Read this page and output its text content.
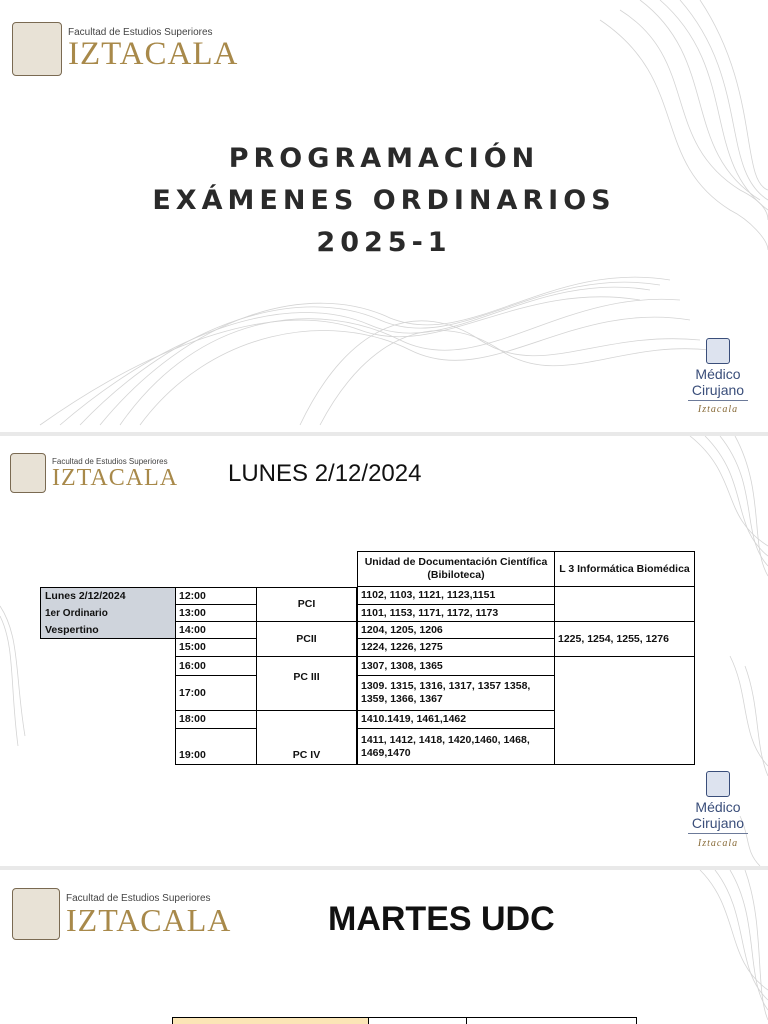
Facultad de Estudios Superiores
IZTACALA
PROGRAMACIÓN
EXÁMENES ORDINARIOS
2025-1
Médico
Cirujano
Iztacala
Facultad de Estudios Superiores
IZTACALA LUNES 2/12/2024
Unidad de Documentación Científica (Bibiloteca)
L 3 Informática Biomédica
Lunes 2/12/2024
1er Ordinario
Vespertino
12:00
13:00
14:00
15:00
16:00
17:00
18:00
19:00
PCI
PCII
PC III
PC IV
1102, 1103, 1121, 1123,1151
1101, 1153, 1171, 1172, 1173
1204, 1205, 1206
1224, 1226, 1275
1307, 1308, 1365
1309. 1315, 1316, 1317, 1357 1358, 1359, 1366, 1367
1410.1419, 1461,1462
1411, 1412, 1418, 1420,1460, 1468, 1469,1470
1225, 1254, 1255, 1276
Médico
Cirujano
Iztacala
Facultad de Estudios Superiores
IZTACALA	MARTES UDC
